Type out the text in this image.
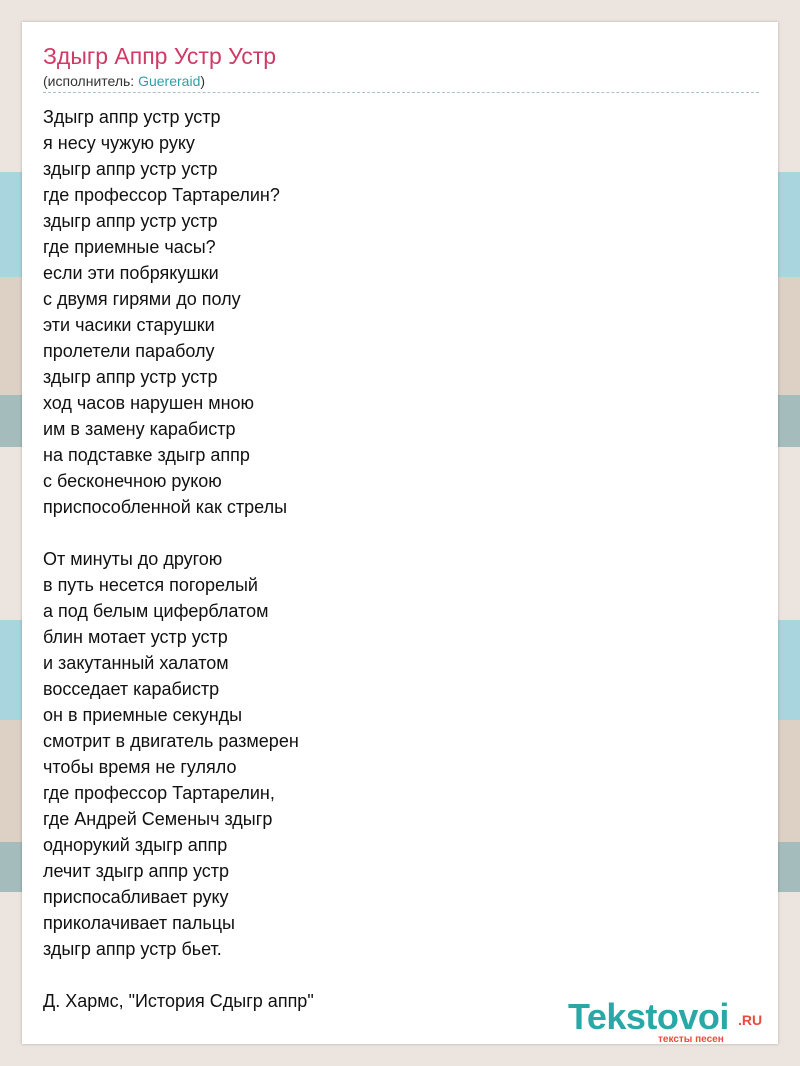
Здыгр Аппр Устр Устр
(исполнитель: Guereraid)
Здыгр аппр устр устр
я несу чужую руку
здыгр аппр устр устр
где профессор Тартарелин?
здыгр аппр устр устр
где приемные часы?
если эти побрякушки
с двумя гирями до полу
эти часики старушки
пролетели параболу
здыгр аппр устр устр
ход часов нарушен мною
им в замену карабистр
на подставке здыгр аппр
с бесконечною рукою
приспособленной как стрелы
От минуты до другою
в путь несется погорелый
а под белым циферблатом
блин мотает устр устр
и закутанный халатом
восседает карабистр
он в приемные секунды
смотрит в двигатель размерен
чтобы время не гуляло
где профессор Тартарелин,
где Андрей Семеныч здыгр
однорукий здыгр аппр
лечит здыгр аппр устр
приспосабливает руку
приколачивает пальцы
здыгр аппр устр бьет.
Д. Хармс, "История Сдыгр аппр"	Tekstovoi .RU
тексты песен
